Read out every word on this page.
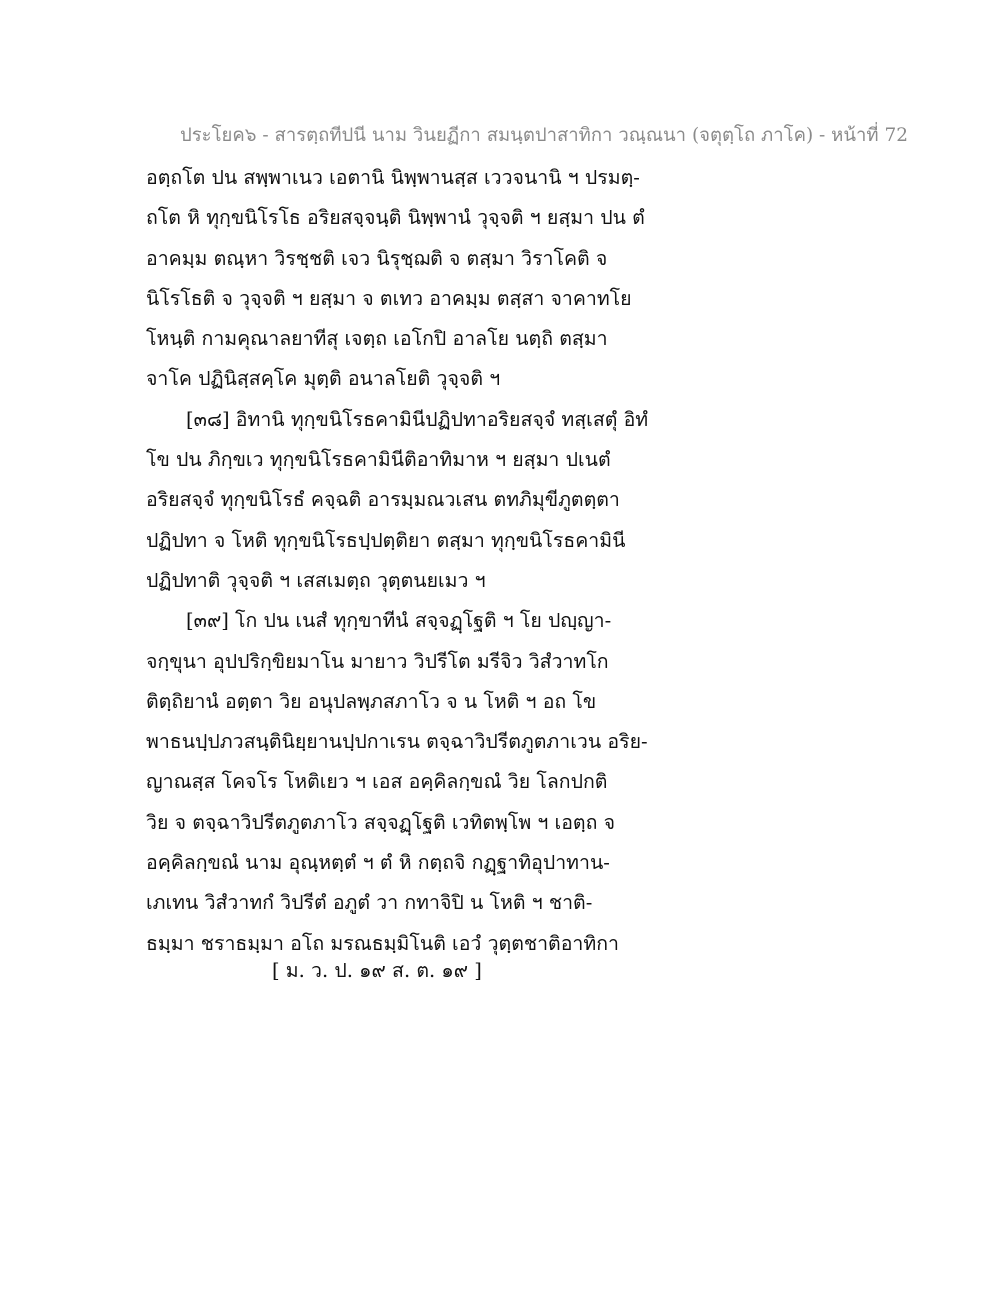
ประโยค๖ - สารตฺถทีปนี นาม วินยฏีกา สมนฺตปาสาทิกา วณฺณนา (จตุตฺโถ ภาโค) - หน้าที่ 72
อตฺถโต ปน สพฺพาเนว เอตานิ นิพฺพานสฺส เววจนานิ ฯ ปรมตฺ-
ถโต หิ ทุกฺขนิโรโธ อริยสจฺจนฺติ นิพฺพานํ วุจฺจติ ฯ ยสฺมา ปน ตํ
อาคมฺม ตณฺหา วิรชฺชติ เจว นิรุชฺฌติ จ ตสฺมา วิราโคติ จ
นิโรโธติ จ วุจฺจติ ฯ ยสฺมา จ ตเทว อาคมฺม ตสฺสา จาคาทโย
โหนฺติ กามคุณาลยาทีสุ เจตฺถ เอโกปิ อาลโย นตฺถิ ตสฺมา
จาโค ปฏินิสฺสคฺโค มุตฺติ อนาลโยติ วุจฺจติ ฯ
[๓๘] อิทานิ ทุกฺขนิโรธคามินีปฏิปทาอริยสจฺจํ ทสฺเสตุํ อิทํ
โข ปน ภิกฺขเว ทุกฺขนิโรธคามินีติอาทิมาห ฯ ยสฺมา ปเนตํ
อริยสจฺจํ ทุกฺขนิโรธํ คจฺฉติ อารมฺมณวเสน ตทภิมุขีภูตตฺตา
ปฏิปทา จ โหติ ทุกฺขนิโรธปฺปตฺติยา ตสฺมา ทุกฺขนิโรธคามินี
ปฏิปทาติ วุจฺจติ ฯ เสสเมตฺถ วุตฺตนยเมว ฯ
[๓๙] โก ปน เนสํ ทุกฺขาทีนํ สจฺจฏฺโฐติ ฯ โย ปญฺญา-
จกฺขุนา อุปปริกฺขิยมาโน มายาว วิปรีโต มรีจิว วิสํวาทโก
ติตฺถิยานํ อตฺตา วิย อนุปลพฺภสภาโว จ น โหติ ฯ อถ โข
พาธนปฺปภวสนฺตินิยฺยานปฺปกาเรน ตจฺฉาวิปรีตภูตภาเวน อริย-
ญาณสฺส โคจโร โหติเยว ฯ เอส อคฺคิลกฺขณํ วิย โลกปกติ
วิย จ ตจฺฉาวิปรีตภูตภาโว สจฺจฏฺโฐติ เวทิตพฺโพ ฯ เอตฺถ จ
อคฺคิลกฺขณํ นาม อุณฺหตฺตํ ฯ ตํ หิ กตฺถจิ กฏฺฐาทิอุปาทาน-
เภเทน วิสํวาทกํ วิปรีตํ อภูตํ วา กทาจิปิ น โหติ ฯ ชาติ-
ธมฺมา ชราธมฺมา อโถ มรณธมฺมิโนติ เอวํ วุตฺตชาติอาทิกา
[ ม. ว. ป. ๑๙ ส. ต. ๑๙ ]
